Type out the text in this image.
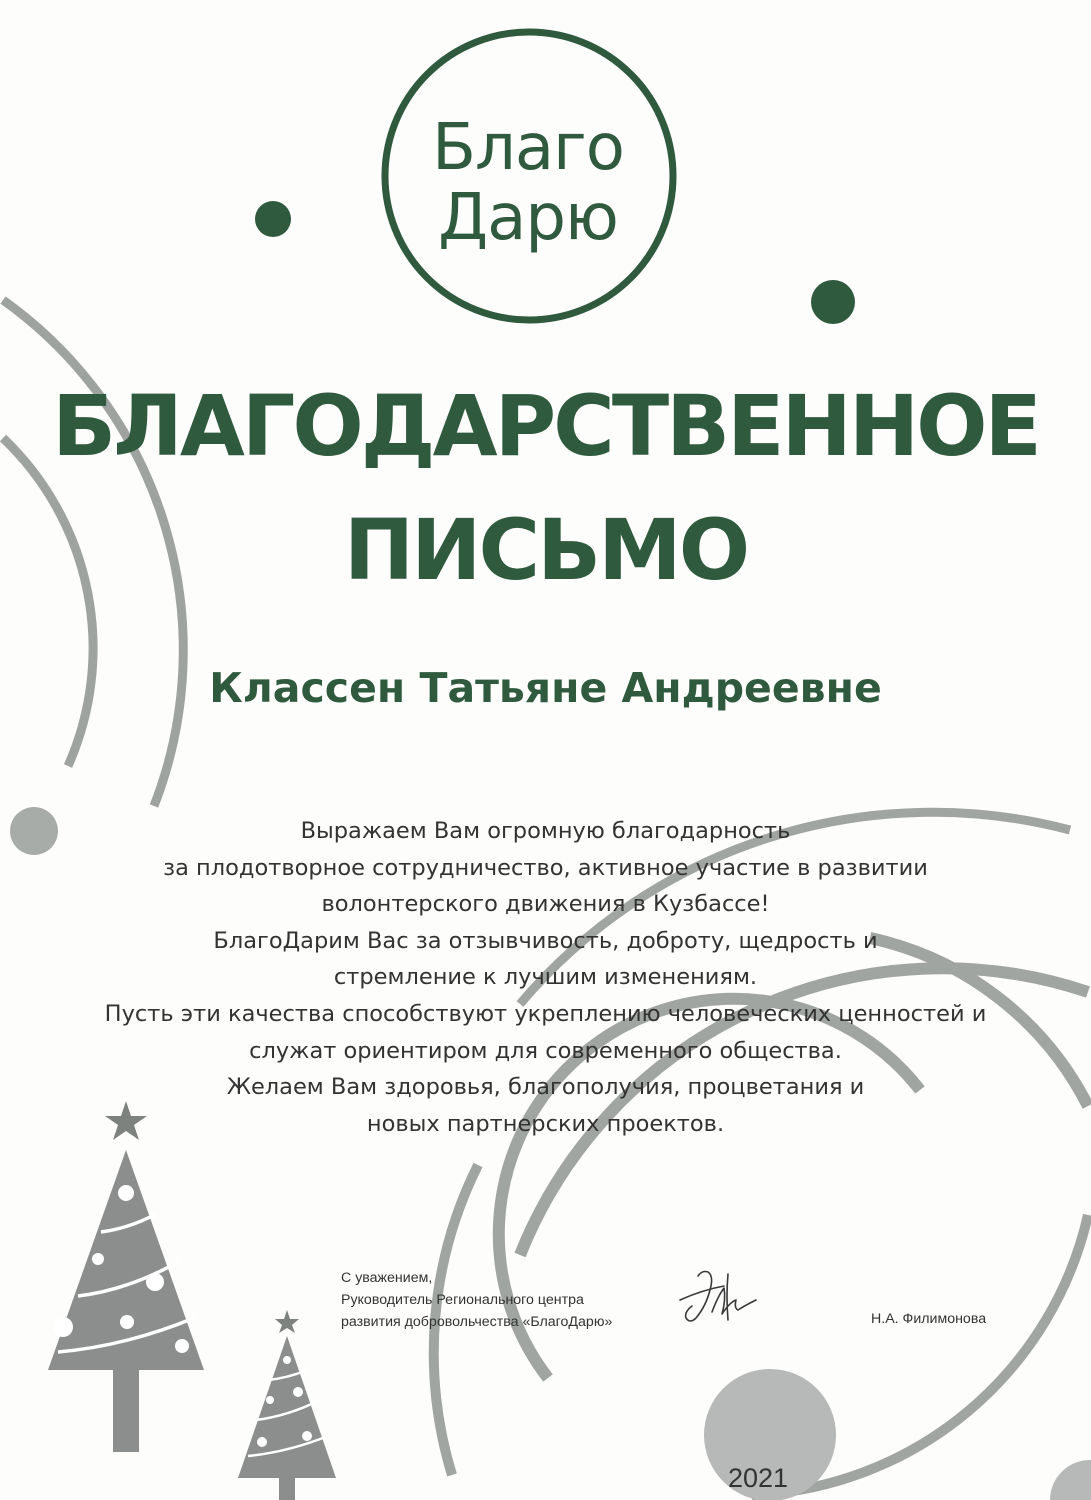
Благо
Дарю
БЛАГОДАРСТВЕННОЕ
ПИСЬМО
Классен Татьяне Андреевне
Выражаем Вам огромную благодарность
за плодотворное сотрудничество, активное участие в развитии
волонтерского движения в Кузбассе!
БлагоДарим Вас за отзывчивость, доброту, щедрость и
стремление к лучшим изменениям.
Пусть эти качества способствуют укреплению человеческих ценностей и
служат ориентиром для современного общества.
Желаем Вам здоровья, благополучия, процветания и
новых партнерских проектов.
С уважением,
Руководитель Регионального центра
развития добровольчества «БлагоДарю»	Н.А. Филимонова
2021
